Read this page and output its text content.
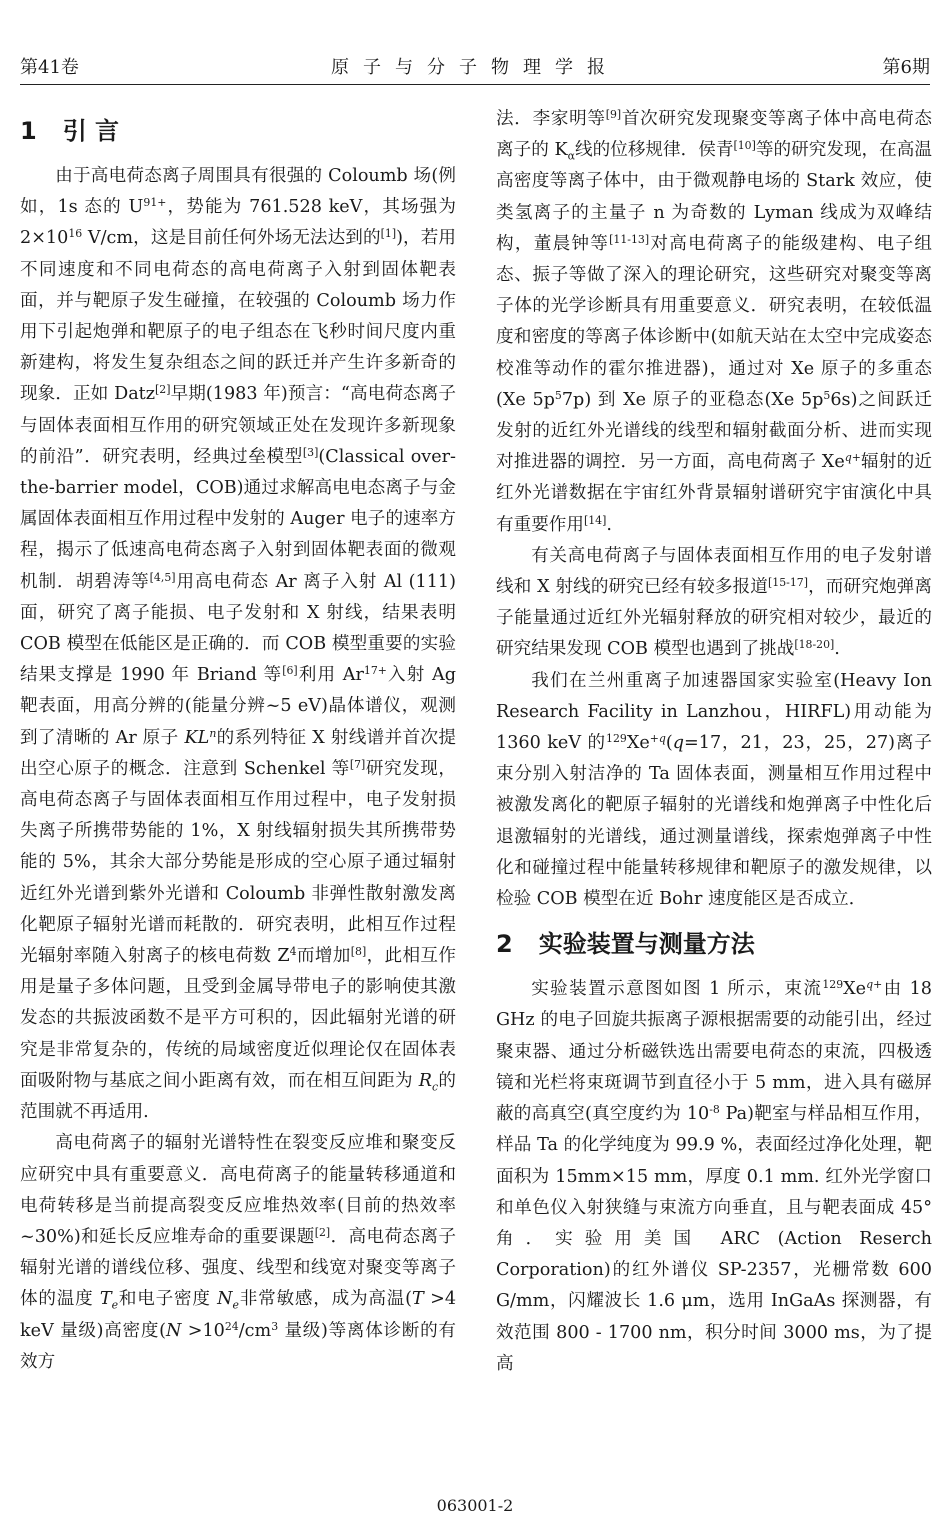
第41卷	原子与分子物理学报	第6期
1 引 言

由于高电荷态离子周围具有很强的 Coloumb 场(例如，1s 态的 $U^{91+}$，势能为 761.528 keV，其场强为 $2\times 10^{16}$ V/cm，这是目前任何外场无法达到的[1])，若用不同速度和不同电荷态的高电荷离子入射到固体靶表面，并与靶原子发生碰撞，在较强的 Coloumb 场力作用下引起炮弹和靶原子的电子组态在飞秒时间尺度内重新建构，将发生复杂组态之间的跃迁并产生许多新奇的现象．正如 Datz[2]早期(1983 年)预言：“高电荷态离子与固体表面相互作用的研究领域正处在发现许多新现象的前沿”．研究表明，经典过垒模型[3](Classical over-the-barrier model，COB)通过求解高电电态离子与金属固体表面相互作用过程中发射的 Auger 电子的速率方程，揭示了低速高电荷态离子入射到固体靶表面的微观机制．胡碧涛等[4,5]用高电荷态 Ar 离子入射 Al (111) 面，研究了离子能损、电子发射和 X 射线，结果表明 COB 模型在低能区是正确的．而 COB 模型重要的实验结果支撑是 1990 年 Briand 等[6]利用 $Ar^{17+}$入射 Ag 靶表面，用高分辨的(能量分辨~5 eV)晶体谱仪，观测到了清晰的 Ar 原子 $KL^n$的系列特征 X 射线谱并首次提出空心原子的概念．注意到 Schenkel 等[7]研究发现，高电荷态离子与固体表面相互作用过程中，电子发射损失离子所携带势能的 1%，X 射线辐射损失其所携带势能的 5%，其余大部分势能是形成的空心原子通过辐射近红外光谱到紫外光谱和 Coloumb 非弹性散射激发离化靶原子辐射光谱而耗散的．研究表明，此相互作过程光辐射率随入射离子的核电荷数 $Z^4$而增加[8]，此相互作用是量子多体问题，且受到金属导带电子的影响使其激发态的共振波函数不是平方可积的，因此辐射光谱的研究是非常复杂的，传统的局域密度近似理论仅在固体表面吸附物与基底之间小距离有效，而在相互间距为 $R_c$的范围就不再适用.

高电荷离子的辐射光谱特性在裂变反应堆和聚变反应研究中具有重要意义．高电荷离子的能量转移通道和电荷转移是当前提高裂变反应堆热效率(目前的热效率~30%)和延长反应堆寿命的重要课题[2]．高电荷态离子辐射光谱的谱线位移、强度、线型和线宽对聚变等离子体的温度 $T_e$和电子密度 $N_e$非常敏感，成为高温(T >4 keV 量级)高密度($N >10^{24}/cm^3$ 量级)等离体诊断的有效方

法．李家明等[9]首次研究发现聚变等离子体中高电荷态离子的 $K_\alpha$线的位移规律．侯青[10]等的研究发现，在高温高密度等离子体中，由于微观静电场的 Stark 效应，使类氢离子的主量子 n 为奇数的 Lyman 线成为双峰结构，董晨钟等[11-13]对高电荷离子的能级建构、电子组态、振子等做了深入的理论研究，这些研究对聚变等离子体的光学诊断具有用重要意义．研究表明，在较低温度和密度的等离子体诊断中(如航天站在太空中完成姿态校准等动作的霍尔推进器)，通过对 Xe 原子的多重态(Xe $5p^57p$) 到 Xe 原子的亚稳态(Xe $5p^56s$)之间跃迁发射的近红外光谱线的线型和辐射截面分析、进而实现对推进器的调控．另一方面，高电荷离子 $Xe^{q+}$辐射的近红外光谱数据在宇宙红外背景辐射谱研究宇宙演化中具有重要作用[14].

有关高电荷离子与固体表面相互作用的电子发射谱线和 X 射线的研究已经有较多报道[15-17]，而研究炮弹离子能量通过近红外光辐射释放的研究相对较少，最近的研究结果发现 COB 模型也遇到了挑战[18-20].

我们在兰州重离子加速器国家实验室(Heavy Ion Research Facility in Lanzhou，HIRFL)用动能为 1360 keV 的$^{129}Xe^{+q}(q=17$，21，23，25，27)离子束分别入射洁净的 Ta 固体表面，测量相互作用过程中被激发离化的靶原子辐射的光谱线和炮弹离子中性化后退激辐射的光谱线，通过测量谱线，探索炮弹离子中性化和碰撞过程中能量转移规律和靶原子的激发规律，以检验 COB 模型在近 Bohr 速度能区是否成立．

2 实验装置与测量方法

实验装置示意图如图 1 所示，束流$^{129}Xe^{q+}$由 18 GHz 的电子回旋共振离子源根据需要的动能引出，经过聚束器、通过分析磁铁选出需要电荷态的束流，四极透镜和光栏将束斑调节到直径小于 5 mm，进入具有磁屏蔽的高真空(真空度约为 $10^{-8}$ Pa)靶室与样品相互作用，样品 Ta 的化学纯度为 99.9 %，表面经过净化处理，靶面积为 15mm×15 mm，厚度 0.1 mm. 红外光学窗口和单色仪入射狭缝与束流方向垂直，且与靶表面成 45°角．实验用美国 ARC (Action Reserch Corporation)的红外谱仪 SP-2357，光栅常数 600 G/mm，闪耀波长 1.6 μm，选用 InGaAs 探测器，有效范围 800 - 1700 nm，积分时间 3000 ms，为了提高

063001-2
